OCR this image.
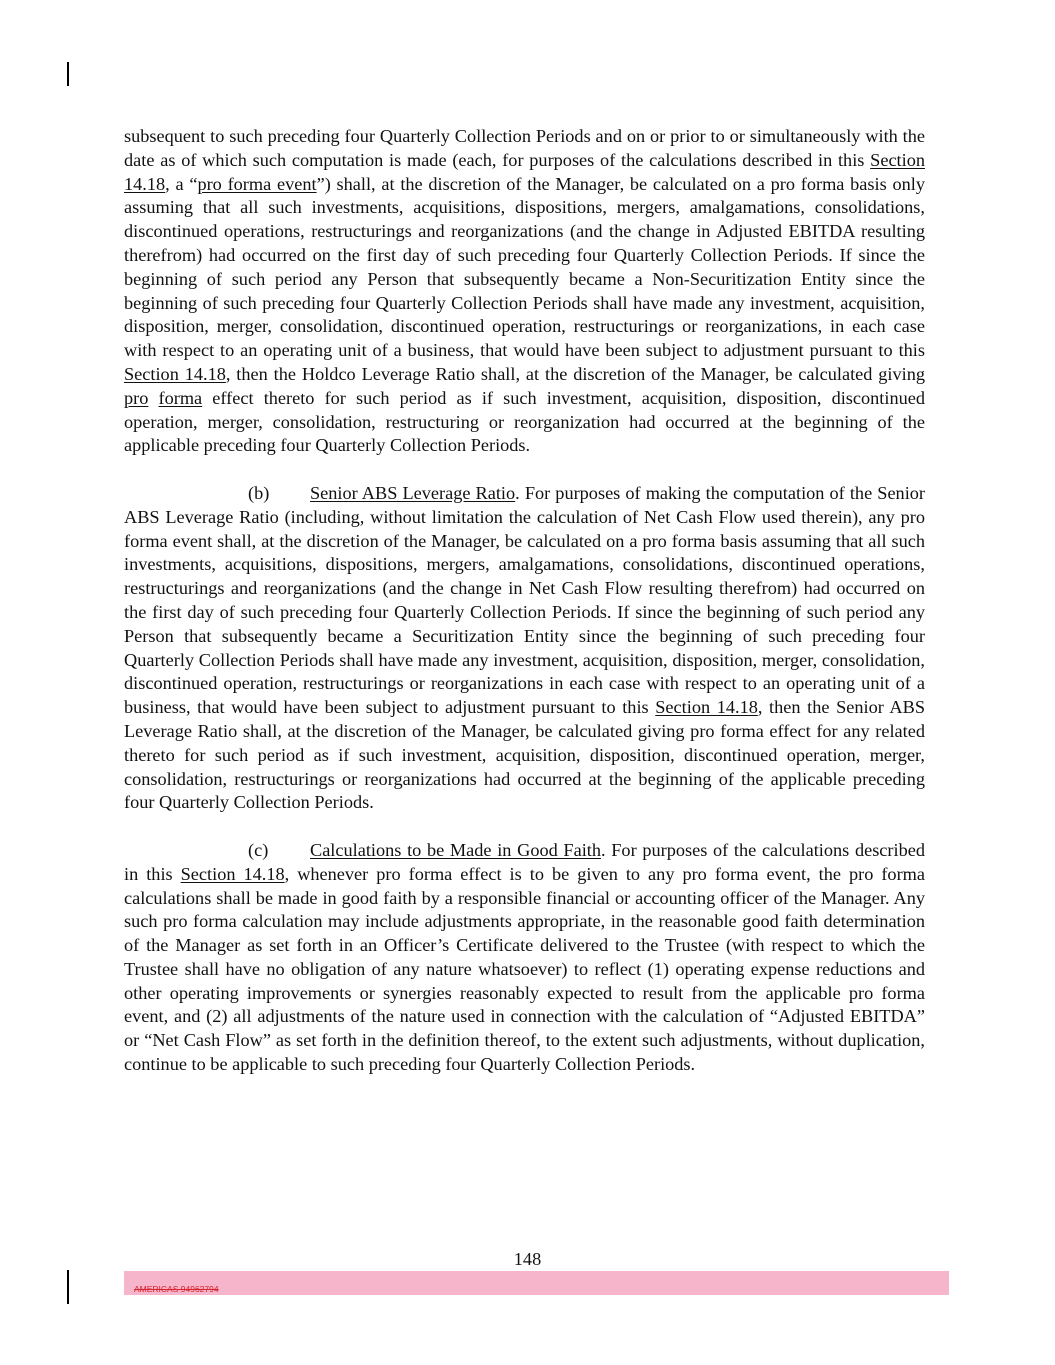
subsequent to such preceding four Quarterly Collection Periods and on or prior to or simultaneously with the date as of which such computation is made (each, for purposes of the calculations described in this Section 14.18, a “pro forma event”) shall, at the discretion of the Manager, be calculated on a pro forma basis only assuming that all such investments, acquisitions, dispositions, mergers, amalgamations, consolidations, discontinued operations, restructurings and reorganizations (and the change in Adjusted EBITDA resulting therefrom) had occurred on the first day of such preceding four Quarterly Collection Periods. If since the beginning of such period any Person that subsequently became a Non-Securitization Entity since the beginning of such preceding four Quarterly Collection Periods shall have made any investment, acquisition, disposition, merger, consolidation, discontinued operation, restructurings or reorganizations, in each case with respect to an operating unit of a business, that would have been subject to adjustment pursuant to this Section 14.18, then the Holdco Leverage Ratio shall, at the discretion of the Manager, be calculated giving pro forma effect thereto for such period as if such investment, acquisition, disposition, discontinued operation, merger, consolidation, restructuring or reorganization had occurred at the beginning of the applicable preceding four Quarterly Collection Periods.

(b) Senior ABS Leverage Ratio. For purposes of making the computation of the Senior ABS Leverage Ratio (including, without limitation the calculation of Net Cash Flow used therein), any pro forma event shall, at the discretion of the Manager, be calculated on a pro forma basis assuming that all such investments, acquisitions, dispositions, mergers, amalgamations, consolidations, discontinued operations, restructurings and reorganizations (and the change in Net Cash Flow resulting therefrom) had occurred on the first day of such preceding four Quarterly Collection Periods. If since the beginning of such period any Person that subsequently became a Securitization Entity since the beginning of such preceding four Quarterly Collection Periods shall have made any investment, acquisition, disposition, merger, consolidation, discontinued operation, restructurings or reorganizations in each case with respect to an operating unit of a business, that would have been subject to adjustment pursuant to this Section 14.18, then the Senior ABS Leverage Ratio shall, at the discretion of the Manager, be calculated giving pro forma effect for any related thereto for such period as if such investment, acquisition, disposition, discontinued operation, merger, consolidation, restructurings or reorganizations had occurred at the beginning of the applicable preceding four Quarterly Collection Periods.

(c) Calculations to be Made in Good Faith. For purposes of the calculations described in this Section 14.18, whenever pro forma effect is to be given to any pro forma event, the pro forma calculations shall be made in good faith by a responsible financial or accounting officer of the Manager. Any such pro forma calculation may include adjustments appropriate, in the reasonable good faith determination of the Manager as set forth in an Officer’s Certificate delivered to the Trustee (with respect to which the Trustee shall have no obligation of any nature whatsoever) to reflect (1) operating expense reductions and other operating improvements or synergies reasonably expected to result from the applicable pro forma event, and (2) all adjustments of the nature used in connection with the calculation of “Adjusted EBITDA” or “Net Cash Flow” as set forth in the definition thereof, to the extent such adjustments, without duplication, continue to be applicable to such preceding four Quarterly Collection Periods.

148
AMERICAS 94962794
